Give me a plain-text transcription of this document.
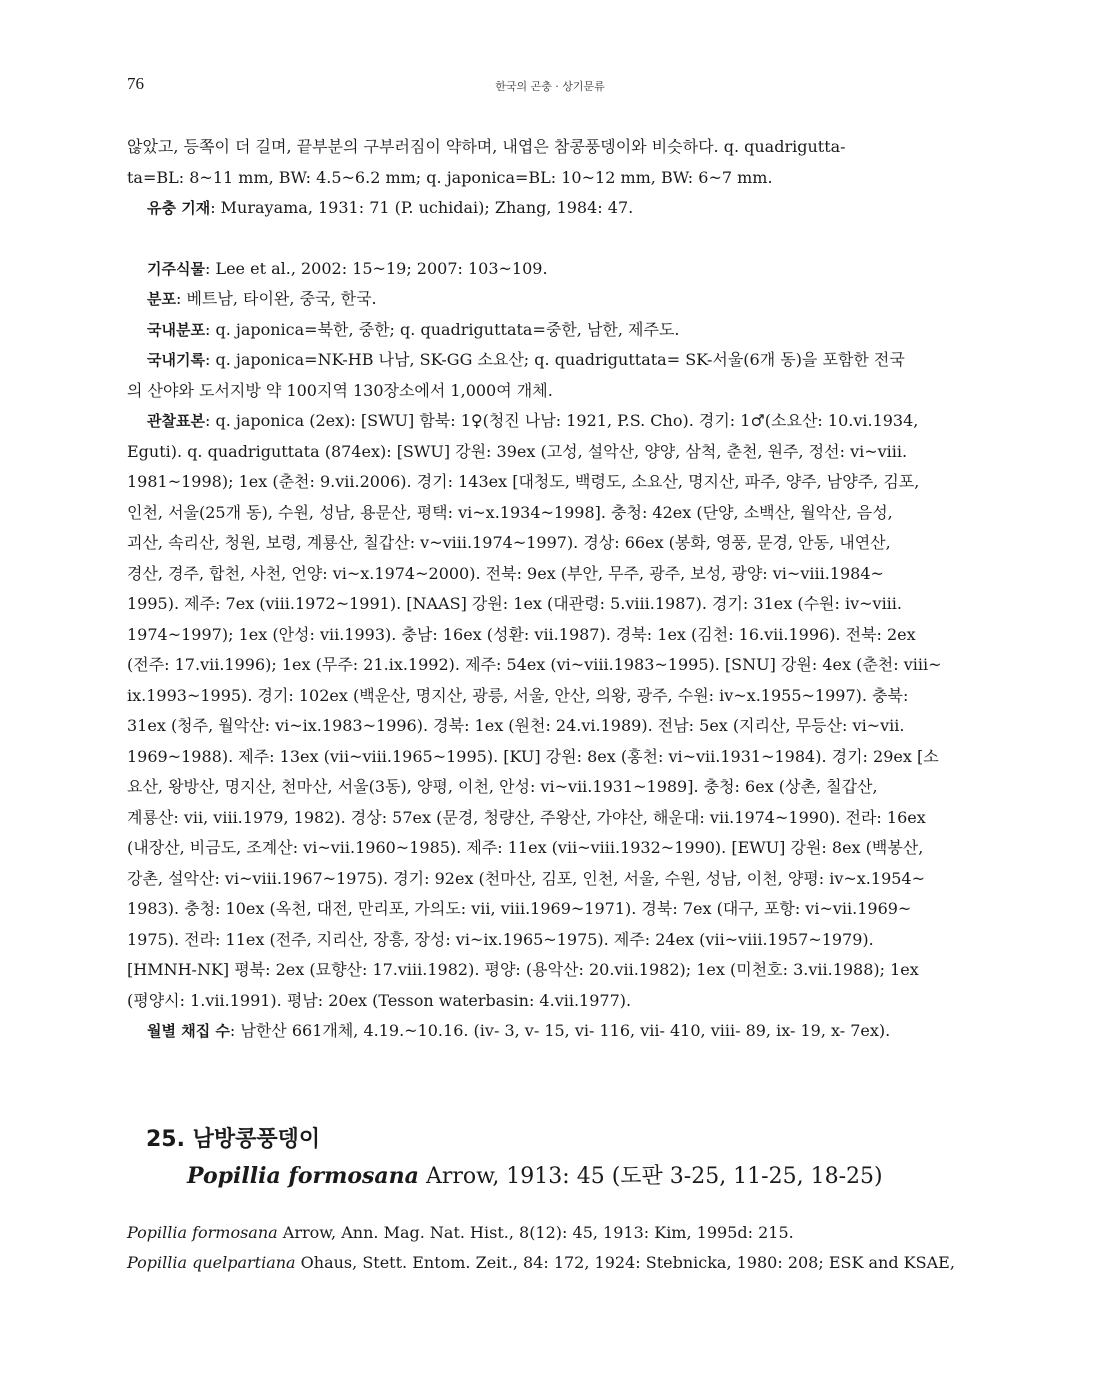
76	한국의 곤충 · 상기문류

않았고, 등쪽이 더 길며, 끝부분의 구부러짐이 약하며, 내엽은 참콩풍뎅이와 비슷하다. q. quadrigutta-

ta=BL: 8~11 mm, BW: 4.5~6.2 mm; q. japonica=BL: 10~12 mm, BW: 6~7 mm.

유충 기재: Murayama, 1931: 71 (P. uchidai); Zhang, 1984: 47.

기주식물: Lee et al., 2002: 15~19; 2007: 103~109.

분포: 베트남, 타이완, 중국, 한국.

국내분포: q. japonica=북한, 중한; q. quadriguttata=중한, 남한, 제주도.

국내기록: q. japonica=NK-HB 나남, SK-GG 소요산; q. quadriguttata= SK-서울(6개 동)을 포함한 전국

의 산야와 도서지방 약 100지역 130장소에서 1,000여 개체.

관찰표본: q. japonica (2ex): [SWU] 함북: 1♀(청진 나남: 1921, P.S. Cho). 경기: 1♂(소요산: 10.vi.1934,

Eguti). q. quadriguttata (874ex): [SWU] 강원: 39ex (고성, 설악산, 양양, 삼척, 춘천, 원주, 정선: vi~viii.

1981~1998); 1ex (춘천: 9.vii.2006). 경기: 143ex [대청도, 백령도, 소요산, 명지산, 파주, 양주, 남양주, 김포,

인천, 서울(25개 동), 수원, 성남, 용문산, 평택: vi~x.1934~1998]. 충청: 42ex (단양, 소백산, 월악산, 음성,

괴산, 속리산, 청원, 보령, 계룡산, 칠갑산: v~viii.1974~1997). 경상: 66ex (봉화, 영풍, 문경, 안동, 내연산,

경산, 경주, 합천, 사천, 언양: vi~x.1974~2000). 전북: 9ex (부안, 무주, 광주, 보성, 광양: vi~viii.1984~

1995). 제주: 7ex (viii.1972~1991). [NAAS] 강원: 1ex (대관령: 5.viii.1987). 경기: 31ex (수원: iv~viii.

1974~1997); 1ex (안성: vii.1993). 충남: 16ex (성환: vii.1987). 경북: 1ex (김천: 16.vii.1996). 전북: 2ex

(전주: 17.vii.1996); 1ex (무주: 21.ix.1992). 제주: 54ex (vi~viii.1983~1995). [SNU] 강원: 4ex (춘천: viii~

ix.1993~1995). 경기: 102ex (백운산, 명지산, 광릉, 서울, 안산, 의왕, 광주, 수원: iv~x.1955~1997). 충북:

31ex (청주, 월악산: vi~ix.1983~1996). 경북: 1ex (원천: 24.vi.1989). 전남: 5ex (지리산, 무등산: vi~vii.

1969~1988). 제주: 13ex (vii~viii.1965~1995). [KU] 강원: 8ex (홍천: vi~vii.1931~1984). 경기: 29ex [소

요산, 왕방산, 명지산, 천마산, 서울(3동), 양평, 이천, 안성: vi~vii.1931~1989]. 충청: 6ex (상촌, 칠갑산,

계룡산: vii, viii.1979, 1982). 경상: 57ex (문경, 청량산, 주왕산, 가야산, 해운대: vii.1974~1990). 전라: 16ex

(내장산, 비금도, 조계산: vi~vii.1960~1985). 제주: 11ex (vii~viii.1932~1990). [EWU] 강원: 8ex (백봉산,

강촌, 설악산: vi~viii.1967~1975). 경기: 92ex (천마산, 김포, 인천, 서울, 수원, 성남, 이천, 양평: iv~x.1954~

1983). 충청: 10ex (옥천, 대전, 만리포, 가의도: vii, viii.1969~1971). 경북: 7ex (대구, 포항: vi~vii.1969~

1975). 전라: 11ex (전주, 지리산, 장흥, 장성: vi~ix.1965~1975). 제주: 24ex (vii~viii.1957~1979).

[HMNH-NK] 평북: 2ex (묘향산: 17.viii.1982). 평양: (용악산: 20.vii.1982); 1ex (미천호: 3.vii.1988); 1ex

(평양시: 1.vii.1991). 평남: 20ex (Tesson waterbasin: 4.vii.1977).

월별 채집 수: 남한산 661개체, 4.19.~10.16. (iv- 3, v- 15, vi- 116, vii- 410, viii- 89, ix- 19, x- 7ex).

25. 남방콩풍뎅이
Popillia formosana Arrow, 1913: 45 (도판 3-25, 11-25, 18-25)

Popillia formosana Arrow, Ann. Mag. Nat. Hist., 8(12): 45, 1913: Kim, 1995d: 215.

Popillia quelpartiana Ohaus, Stett. Entom. Zeit., 84: 172, 1924: Stebnicka, 1980: 208; ESK and KSAE,
